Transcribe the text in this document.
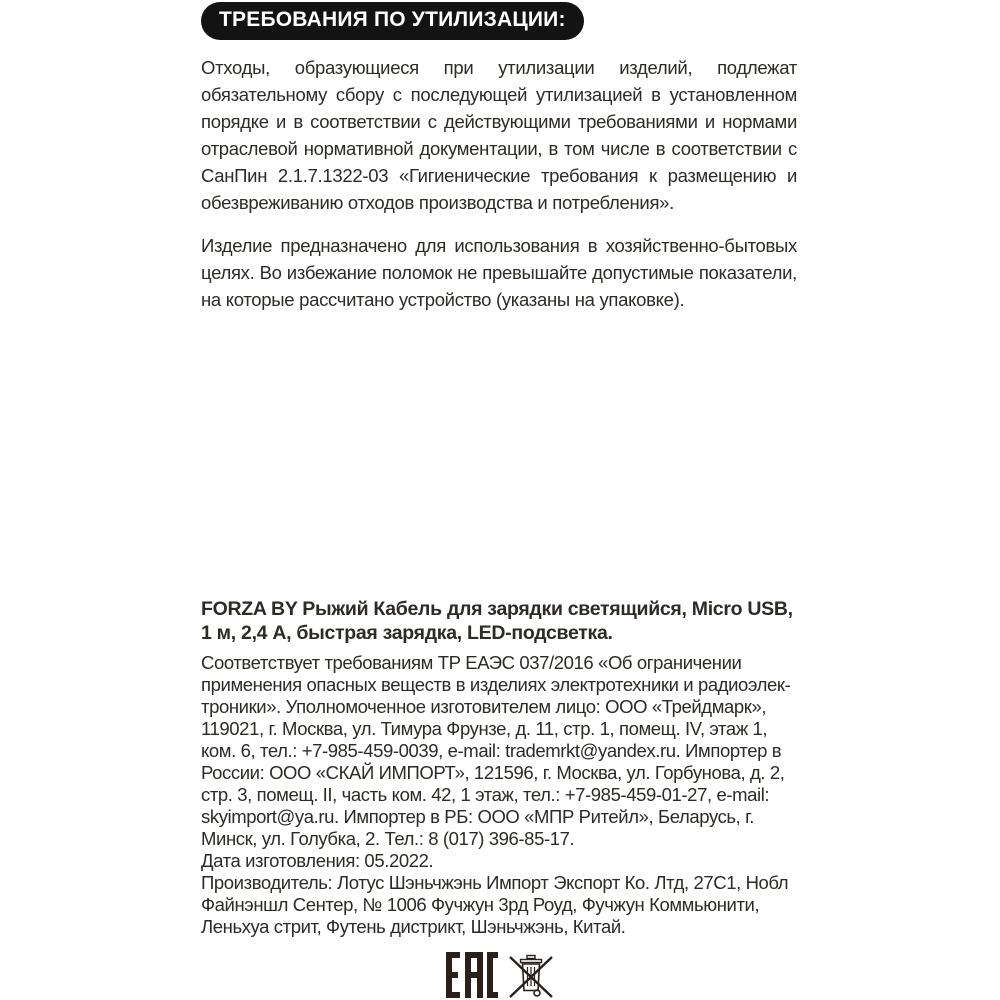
ТРЕБОВАНИЯ ПО УТИЛИЗАЦИИ:

Отходы, образующиеся при утилизации изделий, подлежат обязательному сбору с последующей утилизацией в установленном порядке и в соответствии с действующими требованиями и нормами отраслевой нормативной документации, в том числе в соответствии с СанПин 2.1.7.1322-03 «Гигиенические требования к размещению и обезвреживанию отходов производства и потребления».

Изделие предназначено для использования в хозяйственно-бытовых целях. Во избежание поломок не превышайте допустимые показатели, на которые рассчитано устройство (указаны на упаковке).

FORZA BY Рыжий Кабель для зарядки светящийся, Micro USB, 1 м, 2,4 А, быстрая зарядка, LED-подсветка.

Соответствует требованиям ТР ЕАЭС 037/2016 «Об ограничении применения опасных веществ в изделиях электротехники и радиоэлектроники». Уполномоченное изготовителем лицо: ООО «Трейдмарк», 119021, г. Москва, ул. Тимура Фрунзе, д. 11, стр. 1, помещ. IV, этаж 1, ком. 6, тел.: +7-985-459-0039, e-mail: trademrkt@yandex.ru. Импортер в России: ООО «СКАЙ ИМПОРТ», 121596, г. Москва, ул. Горбунова, д. 2, стр. 3, помещ. II, часть ком. 42, 1 этаж, тел.: +7-985-459-01-27, e-mail: skyimport@ya.ru. Импортер в РБ: ООО «МПР Ритейл», Беларусь, г. Минск, ул. Голубка, 2. Тел.: 8 (017) 396-85-17.

Дата изготовления: 05.2022.

Производитель: Лотус Шэньчжэнь Импорт Экспорт Ко. Лтд, 27С1, Нобл Файнэншл Сентер, № 1006 Фучжун 3рд Роуд, Фучжун Коммьюнити, Леньхуа стрит, Футень дистрикт, Шэньчжэнь, Китай.
